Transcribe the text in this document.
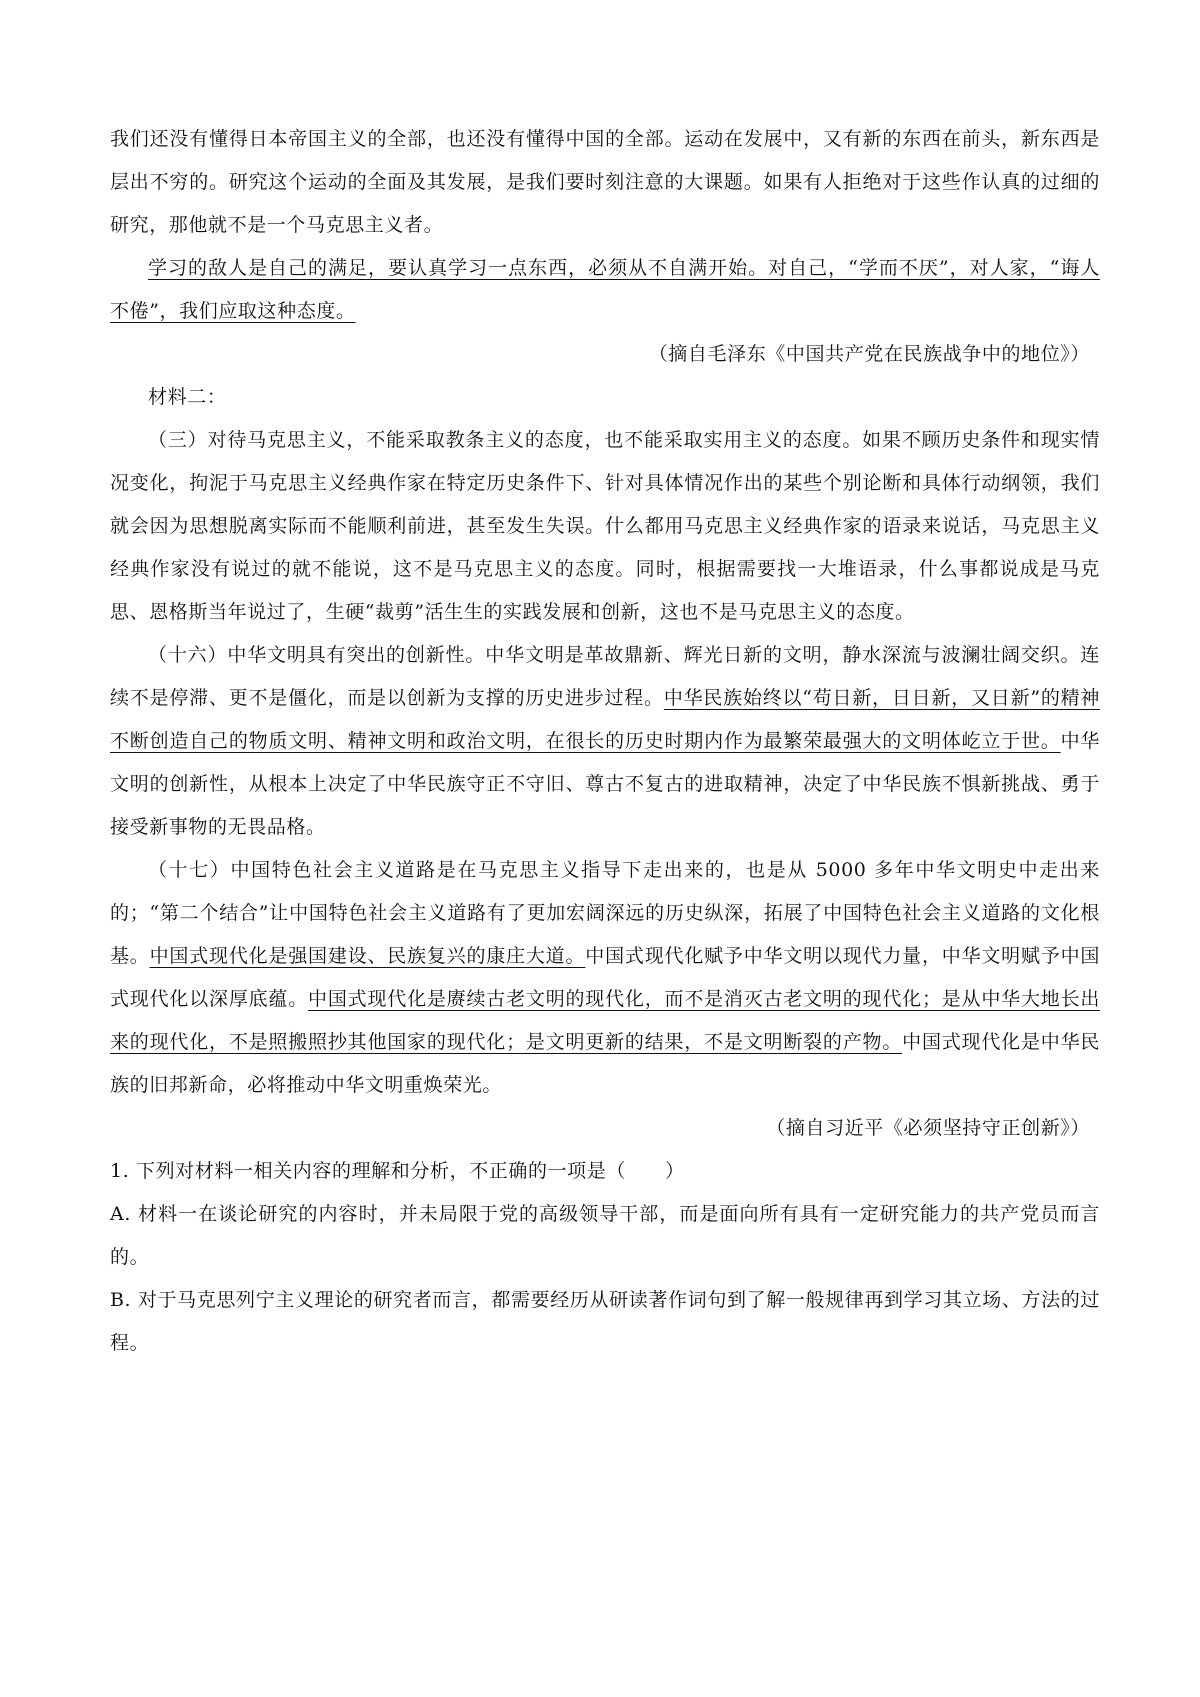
我们还没有懂得日本帝国主义的全部，也还没有懂得中国的全部。运动在发展中，又有新的东西在前头，新东西是层出不穷的。研究这个运动的全面及其发展，是我们要时刻注意的大课题。如果有人拒绝对于这些作认真的过细的研究，那他就不是一个马克思主义者。

学习的敌人是自己的满足，要认真学习一点东西，必须从不自满开始。对自己，“学而不厌”，对人家，“诲人不倦”，我们应取这种态度。

（摘自毛泽东《中国共产党在民族战争中的地位》）

材料二：

（三）对待马克思主义，不能采取教条主义的态度，也不能采取实用主义的态度。如果不顾历史条件和现实情况变化，拘泥于马克思主义经典作家在特定历史条件下、针对具体情况作出的某些个别论断和具体行动纲领，我们就会因为思想脱离实际而不能顺利前进，甚至发生失误。什么都用马克思主义经典作家的语录来说话，马克思主义经典作家没有说过的就不能说，这不是马克思主义的态度。同时，根据需要找一大堆语录，什么事都说成是马克思、恩格斯当年说过了，生硬“裁剪”活生生的实践发展和创新，这也不是马克思主义的态度。

（十六）中华文明具有突出的创新性。中华文明是革故鼎新、辉光日新的文明，静水深流与波澜壮阔交织。连续不是停滞、更不是僵化，而是以创新为支撑的历史进步过程。中华民族始终以“苟日新，日日新，又日新”的精神不断创造自己的物质文明、精神文明和政治文明，在很长的历史时期内作为最繁荣最强大的文明体屹立于世。中华文明的创新性，从根本上决定了中华民族守正不守旧、尊古不复古的进取精神，决定了中华民族不惧新挑战、勇于接受新事物的无畏品格。

（十七）中国特色社会主义道路是在马克思主义指导下走出来的，也是从 5000 多年中华文明史中走出来的；“第二个结合”让中国特色社会主义道路有了更加宏阔深远的历史纵深，拓展了中国特色社会主义道路的文化根基。中国式现代化是强国建设、民族复兴的康庄大道。中国式现代化赋予中华文明以现代力量，中华文明赋予中国式现代化以深厚底蕴。中国式现代化是赓续古老文明的现代化，而不是消灭古老文明的现代化；是从中华大地长出来的现代化，不是照搬照抄其他国家的现代化；是文明更新的结果，不是文明断裂的产物。中国式现代化是中华民族的旧邦新命，必将推动中华文明重焕荣光。

（摘自习近平《必须坚持守正创新》）

1. 下列对材料一相关内容的理解和分析，不正确的一项是（　　）

A. 材料一在谈论研究的内容时，并未局限于党的高级领导干部，而是面向所有具有一定研究能力的共产党员而言的。

B. 对于马克思列宁主义理论的研究者而言，都需要经历从研读著作词句到了解一般规律再到学习其立场、方法的过程。
